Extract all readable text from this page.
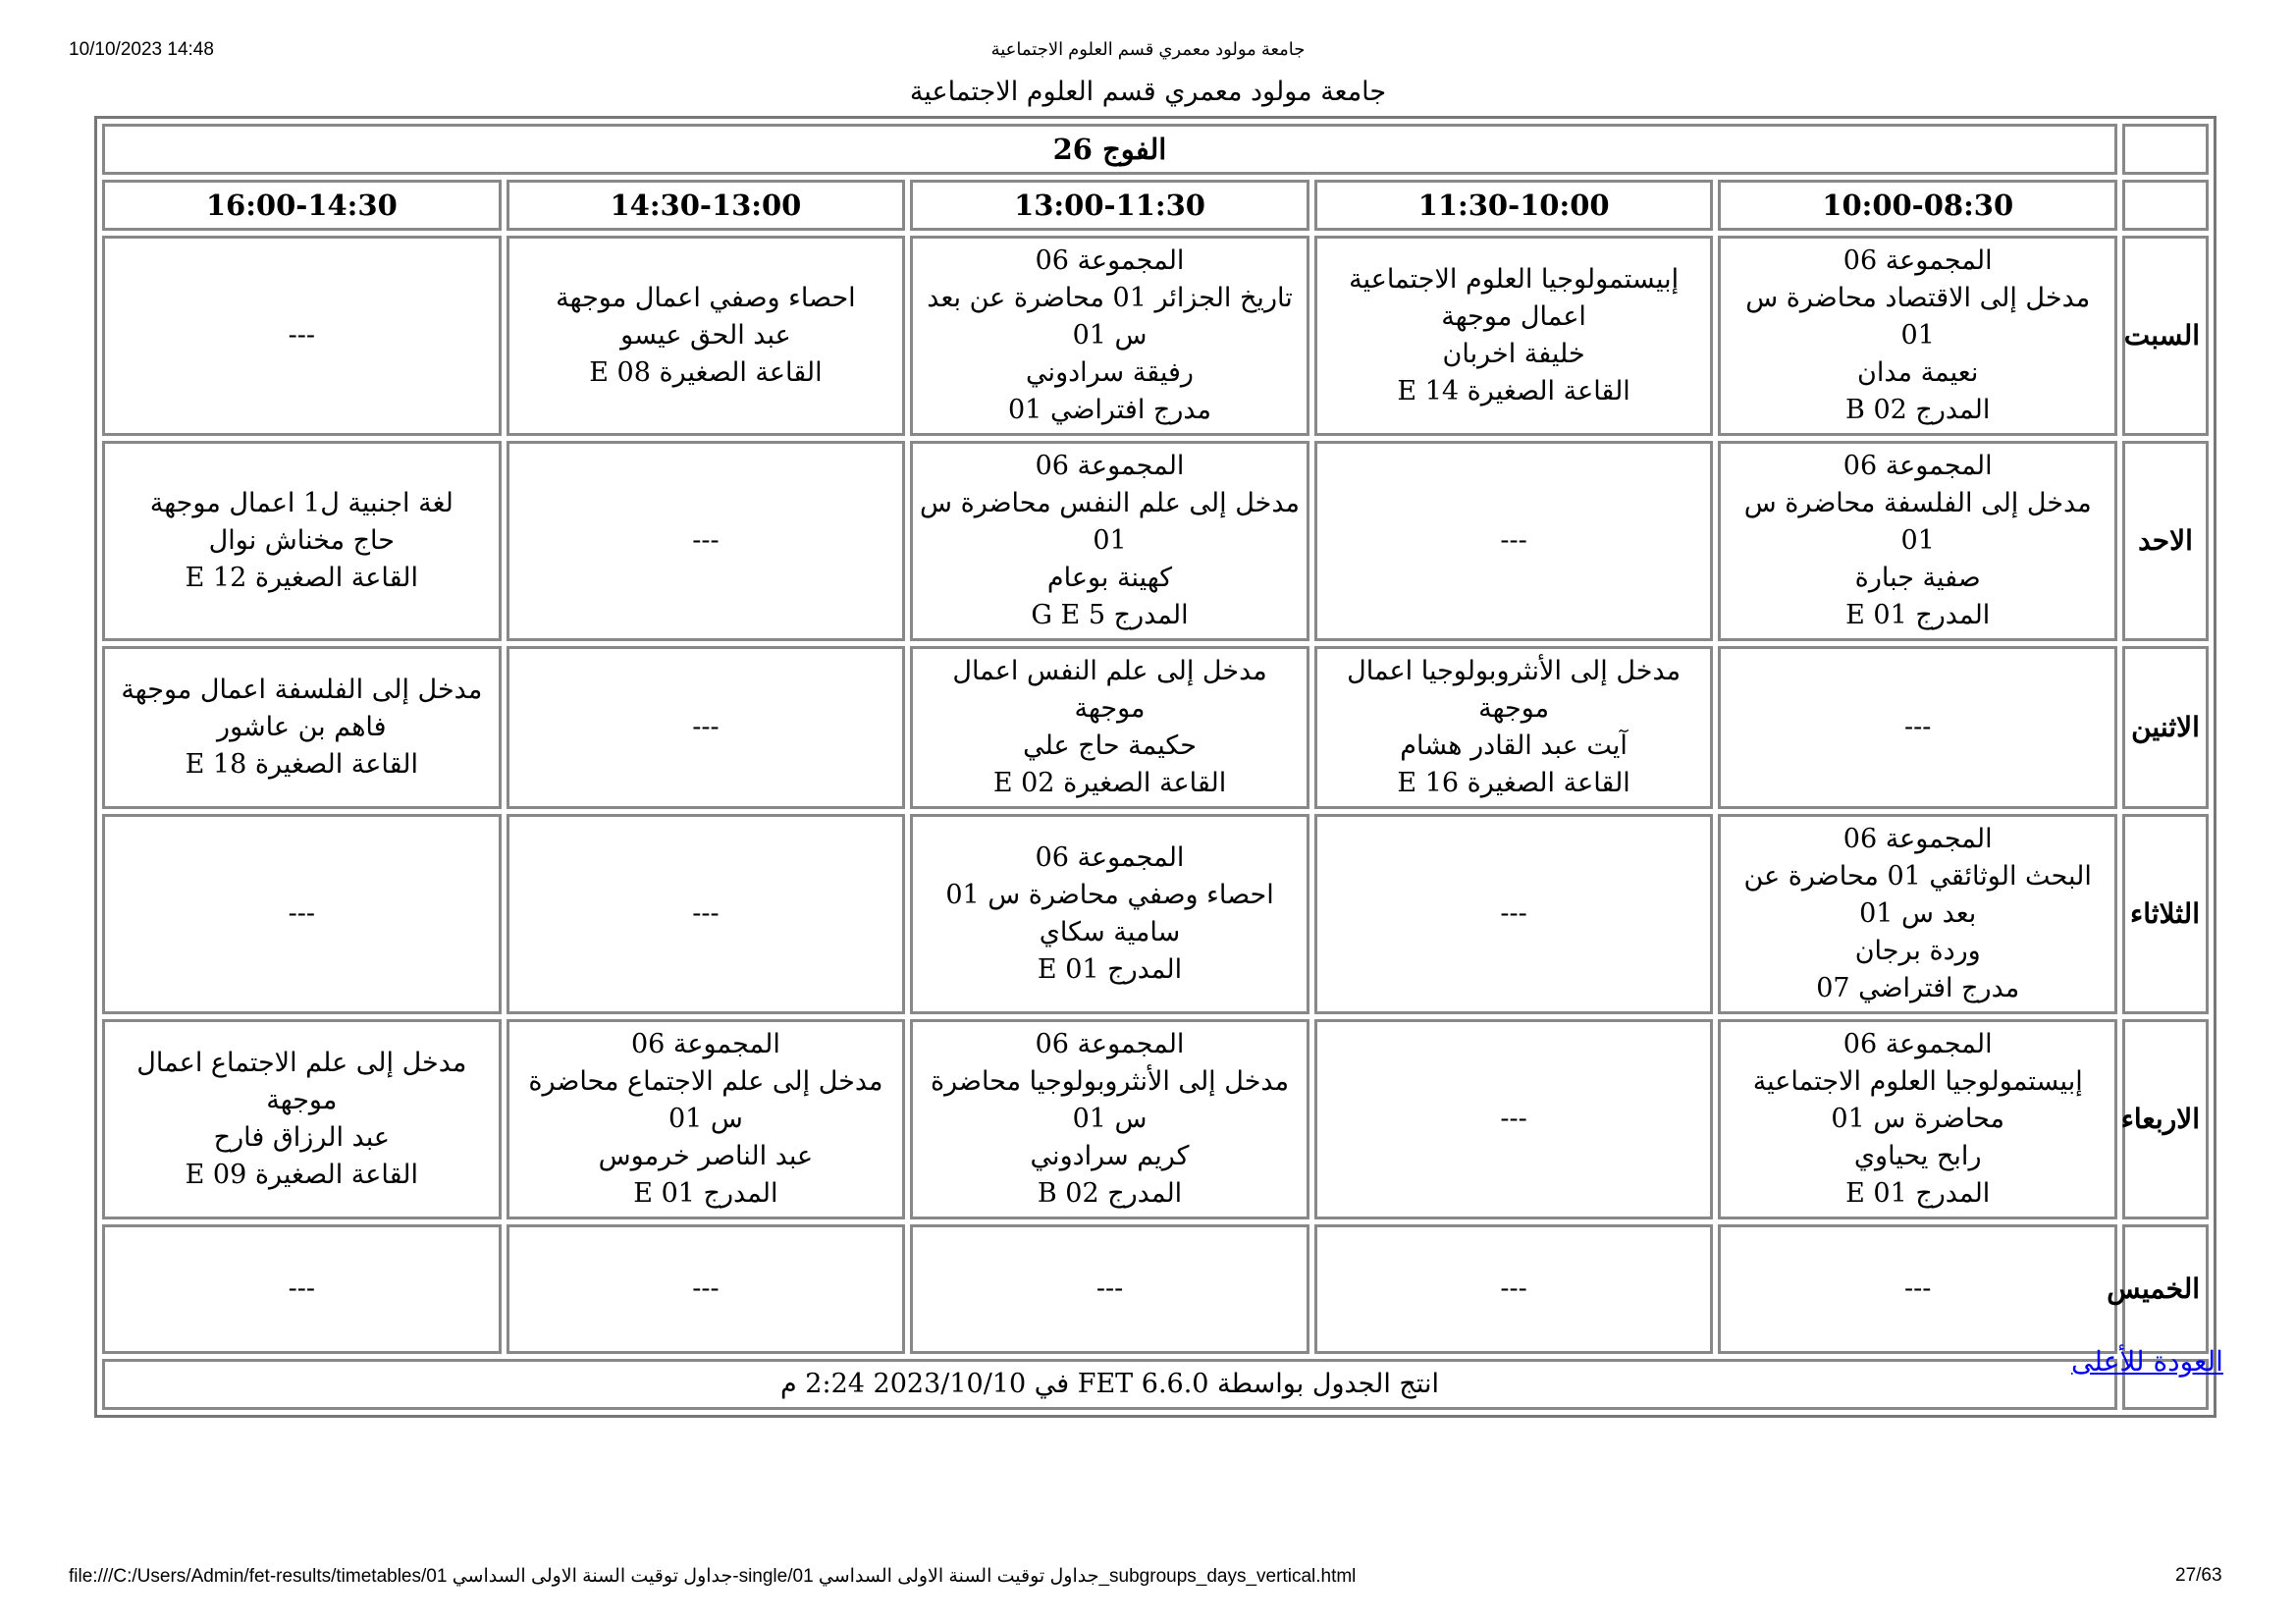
10/10/2023 14:48	جامعة مولود معمري قسم العلوم الاجتماعية
جامعة مولود معمري قسم العلوم الاجتماعية
	الفوج 26				
	10:00-08:30	11:30-10:00	13:00-11:30	14:30-13:00	16:00-14:30
السبت	المجموعة 06
مدخل إلى الاقتصاد محاضرة س 01
نعيمة مدان
المدرج 02 B	إبيستمولوجيا العلوم الاجتماعية اعمال موجهة
خليفة اخربان
القاعة الصغيرة 14 E	المجموعة 06
تاريخ الجزائر 01 محاضرة عن بعد س 01
رفيقة سرادوني
مدرج افتراضي 01	احصاء وصفي اعمال موجهة
عبد الحق عيسو
القاعة الصغيرة 08 E	---

الاحد	المجموعة 06
مدخل إلى الفلسفة محاضرة س 01
صفية جبارة
المدرج 01 E	---	المجموعة 06
مدخل إلى علم النفس محاضرة س 01
كهينة بوعام
المدرج 5 G E	---	لغة اجنبية ل1 اعمال موجهة
حاج مخناش نوال
القاعة الصغيرة 12 E

الاثنين	---	مدخل إلى الأنثروبولوجيا اعمال موجهة
آيت عبد القادر هشام
القاعة الصغيرة 16 E	مدخل إلى علم النفس اعمال موجهة
حكيمة حاج علي
القاعة الصغيرة 02 E	---	مدخل إلى الفلسفة اعمال موجهة
فاهم بن عاشور
القاعة الصغيرة 18 E

الثلاثاء	المجموعة 06
البحث الوثائقي 01 محاضرة عن بعد س 01
وردة برجان
مدرج افتراضي 07	---	المجموعة 06
احصاء وصفي محاضرة س 01
سامية سكاي
المدرج 01 E	---	---

الاربعاء	المجموعة 06
إبيستمولوجيا العلوم الاجتماعية محاضرة س 01
رابح يحياوي
المدرج 01 E	---	المجموعة 06
مدخل إلى الأنثروبولوجيا محاضرة س 01
كريم سرادوني
المدرج 02 B	المجموعة 06
مدخل إلى علم الاجتماع محاضرة س 01
عبد الناصر خرموس
المدرج 01 E	مدخل إلى علم الاجتماع اعمال موجهة
عبد الرزاق فارح
القاعة الصغيرة 09 E

الخميس	---	---	---	---	---

	انتج الجدول بواسطة FET 6.6.0 في 2023/10/10 2:24 م				
العودة للأعلى
file:///C:/Users/Admin/fet-results/timetables/01 جداول توقيت السنة الاولى السداسي-single/01 جداول توقيت السنة الاولى السداسي_subgroups_days_vertical.html	27/63
